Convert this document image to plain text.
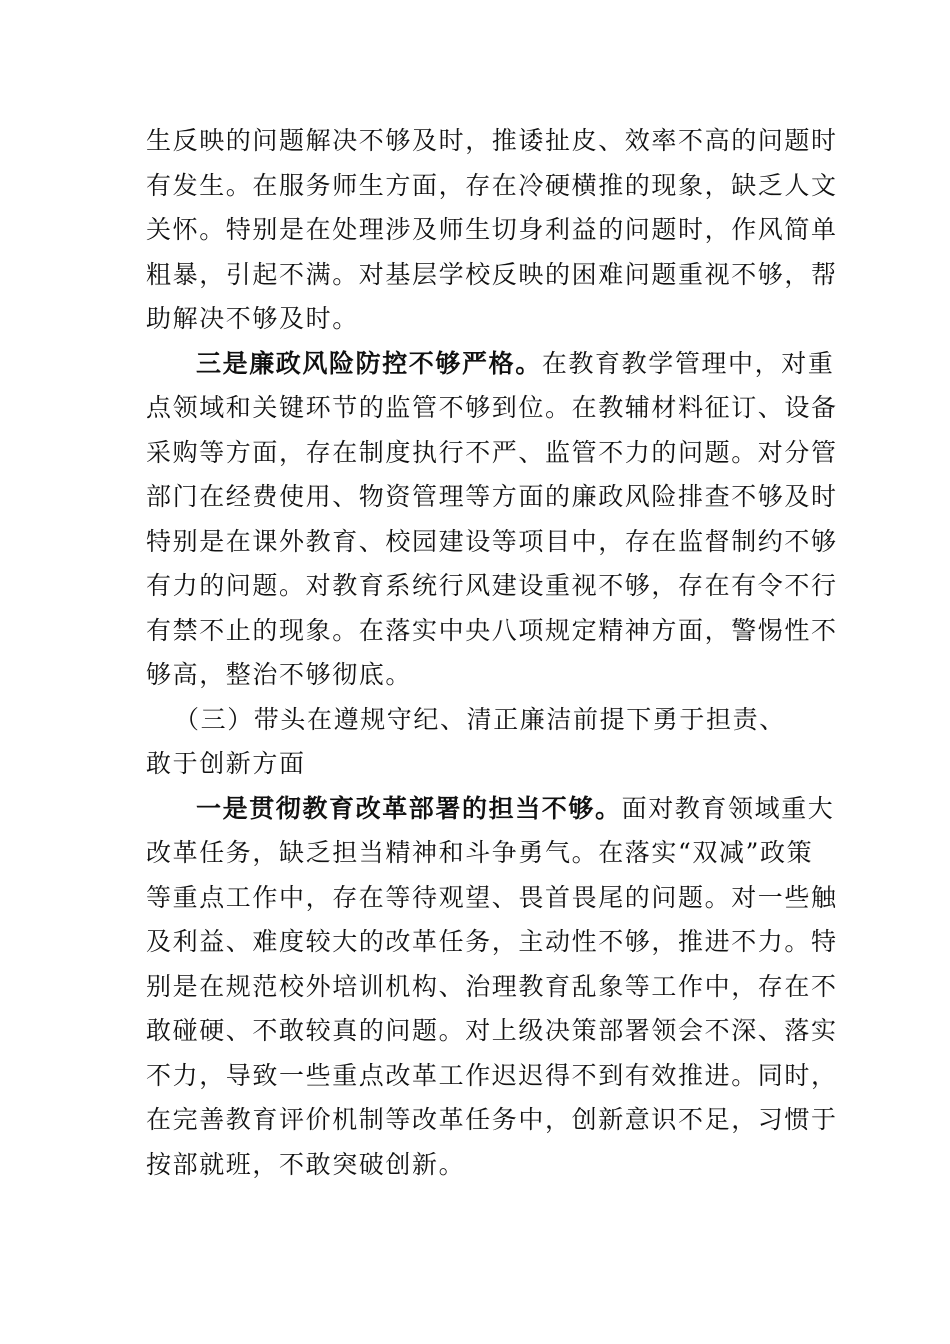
生反映的问题解决不够及时，推诿扯皮、效率不高的问题时
有发生。在服务师生方面，存在冷硬横推的现象，缺乏人文
关怀。特别是在处理涉及师生切身利益的问题时，作风简单
粗暴，引起不满。对基层学校反映的困难问题重视不够，帮
助解决不够及时。
三是廉政风险防控不够严格。在教育教学管理中，对重
点领域和关键环节的监管不够到位。在教辅材料征订、设备
采购等方面，存在制度执行不严、监管不力的问题。对分管
部门在经费使用、物资管理等方面的廉政风险排查不够及时
特别是在课外教育、校园建设等项目中，存在监督制约不够
有力的问题。对教育系统行风建设重视不够，存在有令不行
有禁不止的现象。在落实中央八项规定精神方面，警惕性不
够高，整治不够彻底。
（三）带头在遵规守纪、清正廉洁前提下勇于担责、
敢于创新方面
一是贯彻教育改革部署的担当不够。面对教育领域重大
改革任务，缺乏担当精神和斗争勇气。在落实“双减”政策
等重点工作中，存在等待观望、畏首畏尾的问题。对一些触
及利益、难度较大的改革任务，主动性不够，推进不力。特
别是在规范校外培训机构、治理教育乱象等工作中，存在不
敢碰硬、不敢较真的问题。对上级决策部署领会不深、落实
不力，导致一些重点改革工作迟迟得不到有效推进。同时，
在完善教育评价机制等改革任务中，创新意识不足，习惯于
按部就班，不敢突破创新。
